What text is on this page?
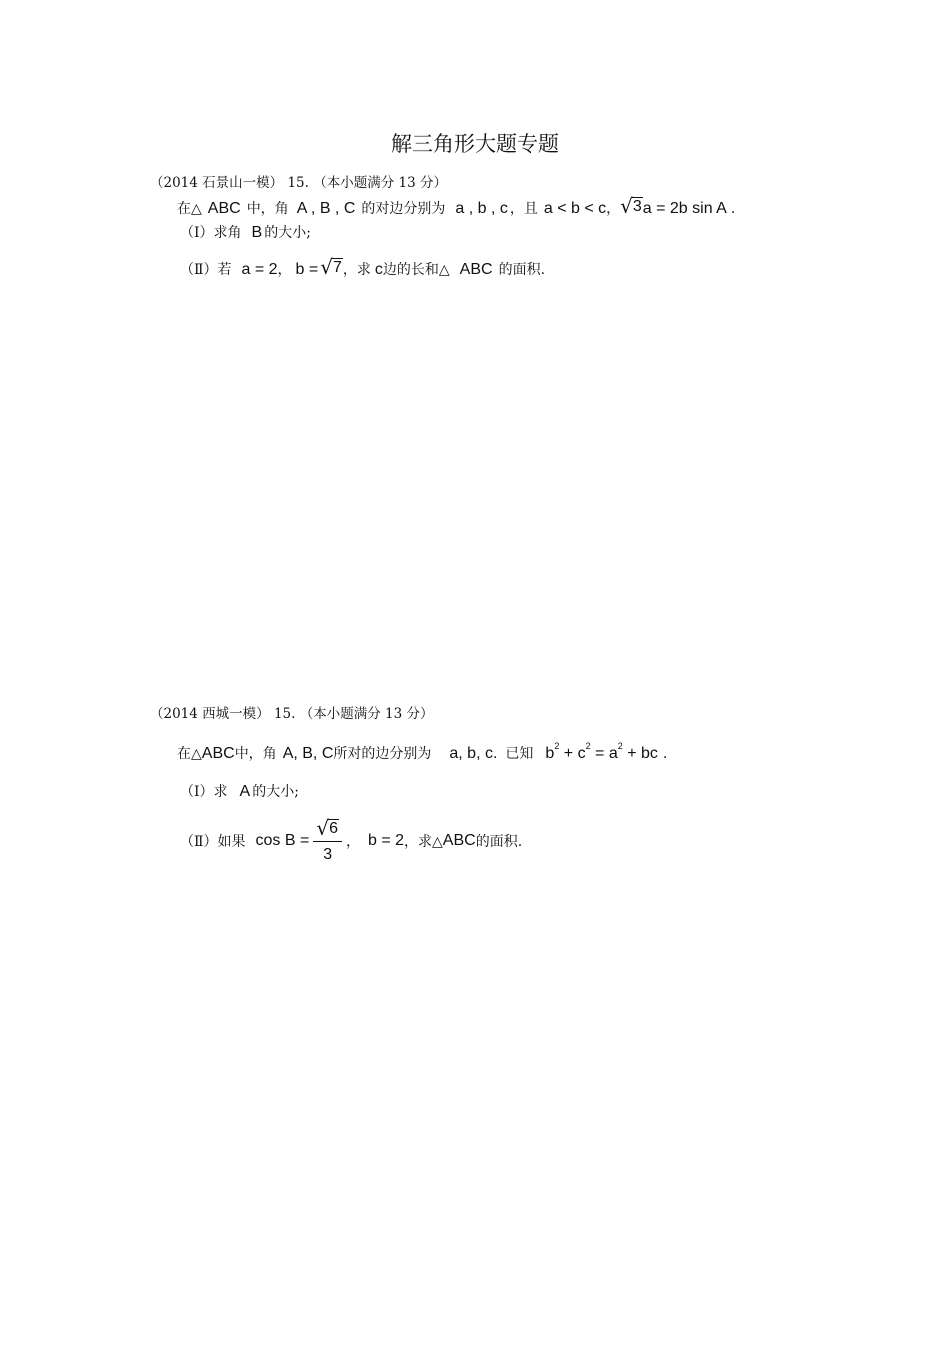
解三角形大题专题
（2014 石景山一模） 15. （本小题满分 13 分）
在△ ABC 中，角 A , B , C 的对边分别为 a , b , c ，且 a < b < c ， √ 3 a = 2b sin A .
（Ⅰ）求角 B 的大小;
（Ⅱ）若 a = 2 ， b = √ 7 ，求 c 边的长和△ ABC 的面积.
（2014 西城一模） 15. （本小题满分 13 分）
在△ ABC 中，角 A, B, C 所对的边分别为 a, b, c. 已知 $b^2 + c^2 = a^2$ + bc .
（Ⅰ）求 A 的大小;
（Ⅱ）如果 $\cos B = \frac{√ 6}{3}$ ， b = 2 ，求△ ABC 的面积.
